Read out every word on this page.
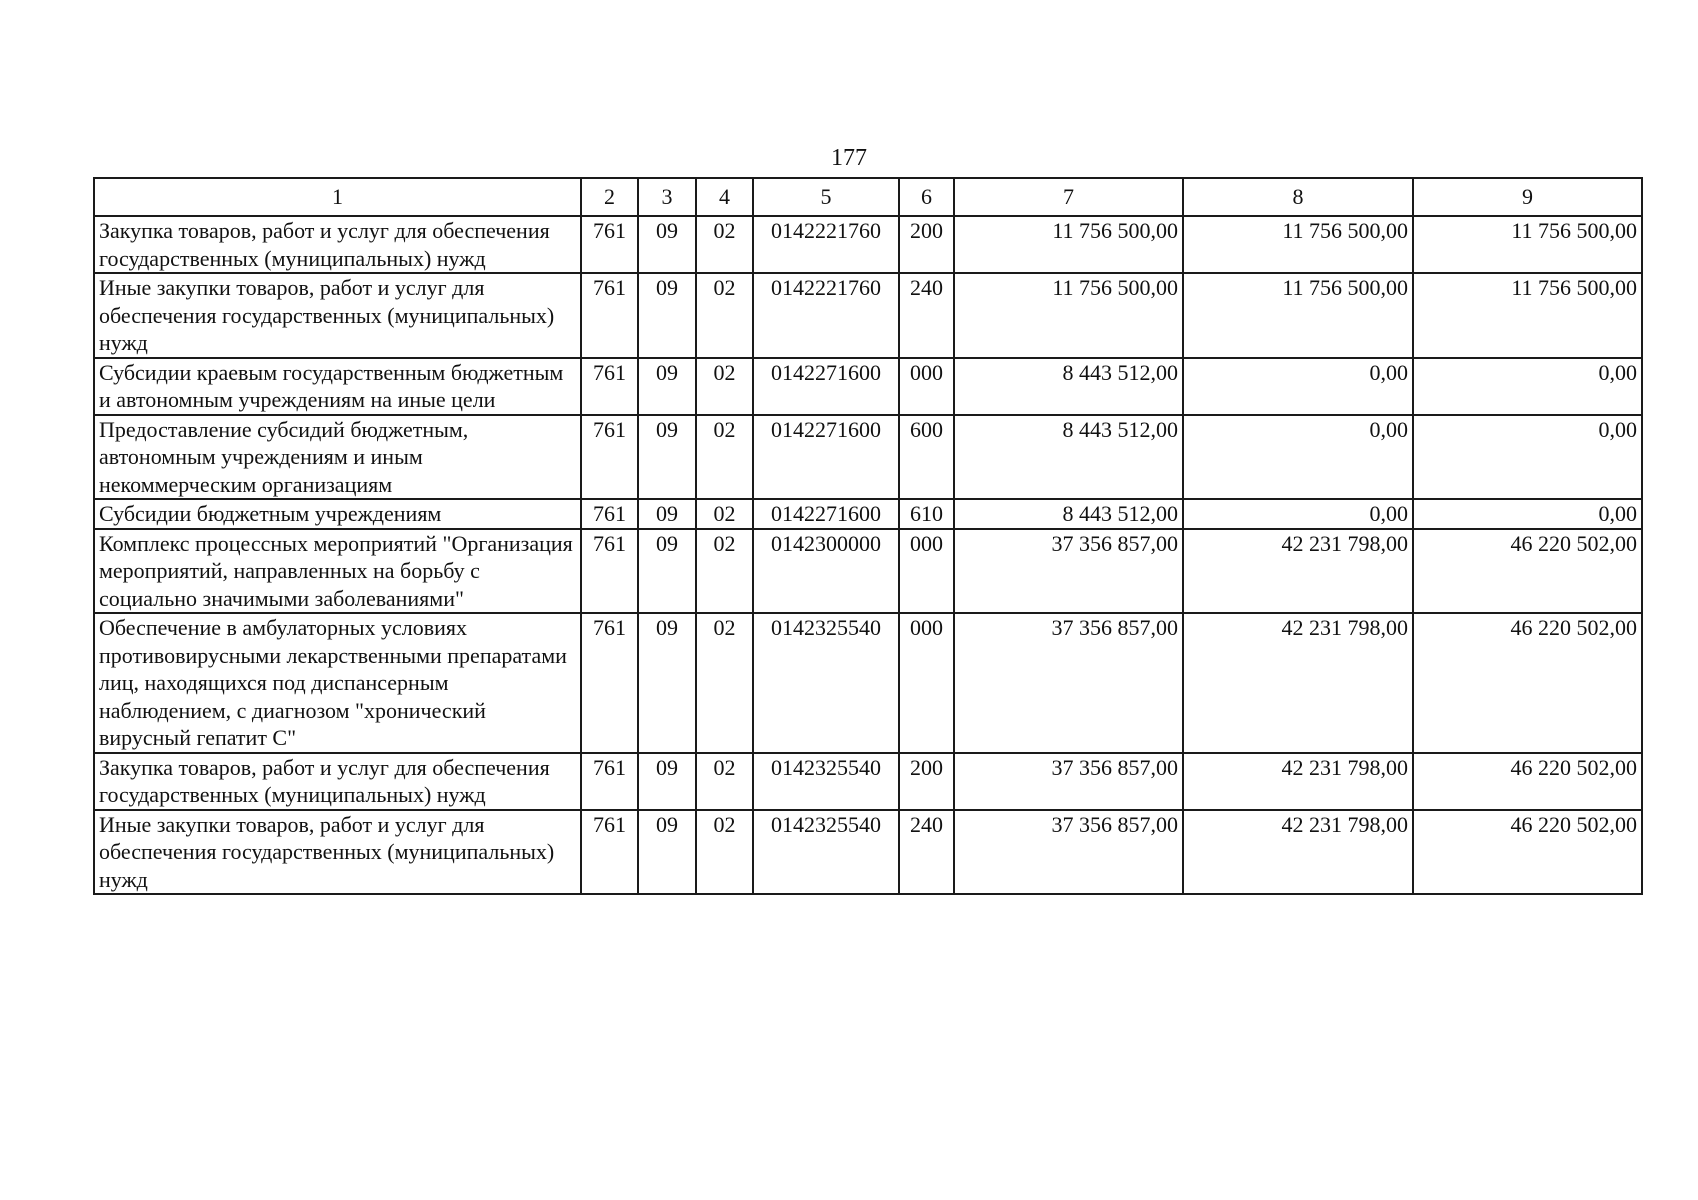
177
1	2	3	4	5	6	7	8	9
Закупка товаров, работ и услуг для обеспечения государственных (муниципальных) нужд	761	09	02	0142221760	200	11 756 500,00	11 756 500,00	11 756 500,00
Иные закупки товаров, работ и услуг для обеспечения государственных (муниципальных) нужд	761	09	02	0142221760	240	11 756 500,00	11 756 500,00	11 756 500,00
Субсидии краевым государственным бюджетным и автономным учреждениям на иные цели	761	09	02	0142271600	000	8 443 512,00	0,00	0,00
Предоставление субсидий бюджетным, автономным учреждениям и иным некоммерческим организациям	761	09	02	0142271600	600	8 443 512,00	0,00	0,00
Субсидии бюджетным учреждениям	761	09	02	0142271600	610	8 443 512,00	0,00	0,00
Комплекс процессных мероприятий "Организация мероприятий, направленных на борьбу с социально значимыми заболеваниями"	761	09	02	0142300000	000	37 356 857,00	42 231 798,00	46 220 502,00
Обеспечение в амбулаторных условиях противовирусными лекарственными препаратами лиц, находящихся под диспансерным наблюдением, с диагнозом "хронический вирусный гепатит С"	761	09	02	0142325540	000	37 356 857,00	42 231 798,00	46 220 502,00
Закупка товаров, работ и услуг для обеспечения государственных (муниципальных) нужд	761	09	02	0142325540	200	37 356 857,00	42 231 798,00	46 220 502,00
Иные закупки товаров, работ и услуг для обеспечения государственных (муниципальных) нужд	761	09	02	0142325540	240	37 356 857,00	42 231 798,00	46 220 502,00
